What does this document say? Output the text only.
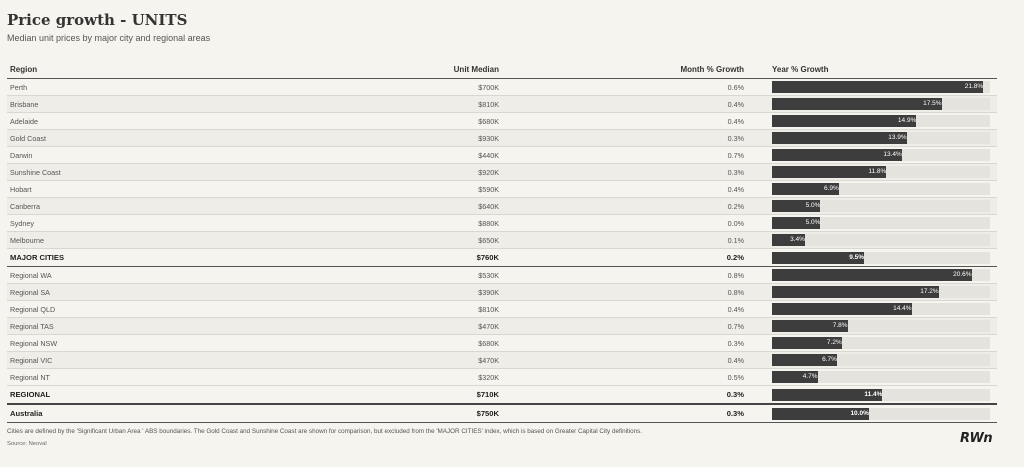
Price growth - UNITS
Median unit prices by major city and regional areas
Region	Unit Median	Month % Growth	Year % Growth
Perth	$700K	0.6%	21.8%

Brisbane	$810K	0.4%	17.5%

Adelaide	$680K	0.4%	14.9%

Gold Coast	$930K	0.3%	13.9%

Darwin	$440K	0.7%	13.4%

Sunshine Coast	$920K	0.3%	11.8%

Hobart	$590K	0.4%	6.9%

Canberra	$640K	0.2%	5.0%

Sydney	$880K	0.0%	5.0%

Melbourne	$650K	0.1%	3.4%

MAJOR CITIES	$760K	0.2%	9.5%

Regional WA	$530K	0.8%	20.6%

Regional SA	$390K	0.8%	17.2%

Regional QLD	$810K	0.4%	14.4%

Regional TAS	$470K	0.7%	7.8%

Regional NSW	$680K	0.3%	7.2%

Regional VIC	$470K	0.4%	6.7%

Regional NT	$320K	0.5%	4.7%

REGIONAL	$710K	0.3%	11.4%

Australia	$750K	0.3%	10.0%
Cities are defined by the 'Significant Urban Area ' ABS boundaries. The Gold Coast and Sunshine Coast are shown for comparison, but excluded from the 'MAJOR CITIES' index, which is based on Greater Capital City definitions.
Source: Neoval	RWn
